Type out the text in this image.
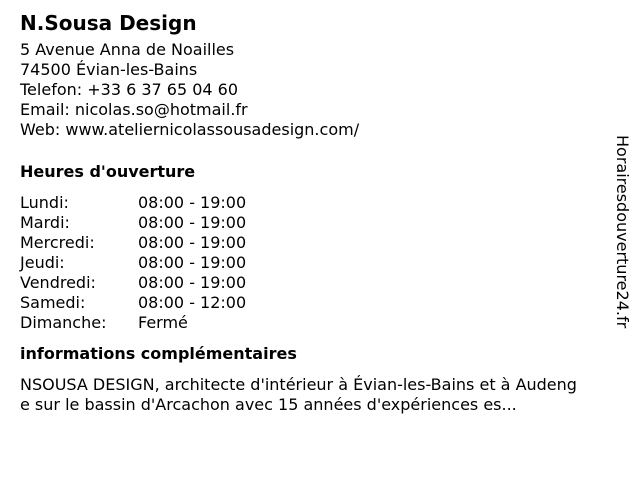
N.Sousa Design
5 Avenue Anna de Noailles
74500 Évian-les-Bains
Telefon: +33 6 37 65 04 60
Email: nicolas.so@hotmail.fr
Web: www.ateliernicolassousadesign.com/
Heures d'ouverture
Lundi:	08:00 - 19:00
Mardi:	08:00 - 19:00
Mercredi:	08:00 - 19:00
Jeudi:	08:00 - 19:00
Vendredi:	08:00 - 19:00
Samedi:	08:00 - 12:00
Dimanche:	Fermé
informations complémentaires
NSOUSA DESIGN, architecte d'intérieur à Évian-les-Bains et à Audenge sur le bassin d'Arcachon avec 15 années d'expériences es...
Horairesdouverture24.fr
